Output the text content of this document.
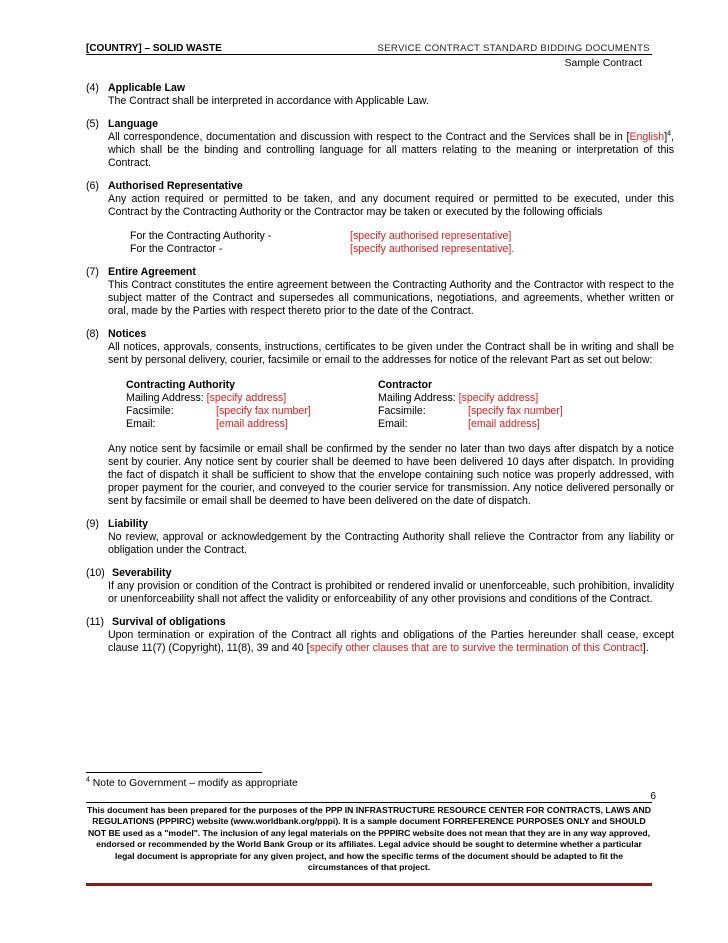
[COUNTRY] – SOLID WASTE	SERVICE CONTRACT STANDARD BIDDING DOCUMENTS
Sample Contract
(4) Applicable Law
The Contract shall be interpreted in accordance with Applicable Law.
(5) Language
All correspondence, documentation and discussion with respect to the Contract and the Services shall be in [English]$^4$, which shall be the binding and controlling language for all matters relating to the meaning or interpretation of this Contract.
(6) Authorised Representative
Any action required or permitted to be taken, and any document required or permitted to be executed, under this Contract by the Contracting Authority or the Contractor may be taken or executed by the following officials
For the Contracting Authority -	[specify authorised representative]
For the Contractor -	[specify authorised representative].
(7) Entire Agreement
This Contract constitutes the entire agreement between the Contracting Authority and the Contractor with respect to the subject matter of the Contract and supersedes all communications, negotiations, and agreements, whether written or oral, made by the Parties with respect thereto prior to the date of the Contract.
(8) Notices
All notices, approvals, consents, instructions, certificates to be given under the Contract shall be in writing and shall be sent by personal delivery, courier, facsimile or email to the addresses for notice of the relevant Part as set out below:
Contracting Authority
Mailing Address: [specify address]
Facsimile:	[specify fax number]
Email:	[email address]
Contractor
Mailing Address: [specify address]
Facsimile:	[specify fax number]
Email:	[email address]
Any notice sent by facsimile or email shall be confirmed by the sender no later than two days after dispatch by a notice sent by courier. Any notice sent by courier shall be deemed to have been delivered 10 days after dispatch. In providing the fact of dispatch it shall be sufficient to show that the envelope containing such notice was properly addressed, with proper payment for the courier, and conveyed to the courier service for transmission. Any notice delivered personally or sent by facsimile or email shall be deemed to have been delivered on the date of dispatch.
(9) Liability
No review, approval or acknowledgement by the Contracting Authority shall relieve the Contractor from any liability or obligation under the Contract.
(10) Severability
If any provision or condition of the Contract is prohibited or rendered invalid or unenforceable, such prohibition, invalidity or unenforceability shall not affect the validity or enforceability of any other provisions and conditions of the Contract.
(11) Survival of obligations
Upon termination or expiration of the Contract all rights and obligations of the Parties hereunder shall cease, except clause 11(7) (Copyright), 11(8), 39 and 40 [specify other clauses that are to survive the termination of this Contract].
$^4$ Note to Government – modify as appropriate
6
This document has been prepared for the purposes of the PPP IN INFRASTRUCTURE RESOURCE CENTER FOR CONTRACTS, LAWS AND REGULATIONS (PPPIRC) website (www.worldbank.org/pppi). It is a sample document FORREFERENCE PURPOSES ONLY and SHOULD NOT BE used as a "model". The inclusion of any legal materials on the PPPIRC website does not mean that they are in any way approved, endorsed or recommended by the World Bank Group or its affiliates. Legal advice should be sought to determine whether a particular legal document is appropriate for any given project, and how the specific terms of the document should be adapted to fit the circumstances of that project.
